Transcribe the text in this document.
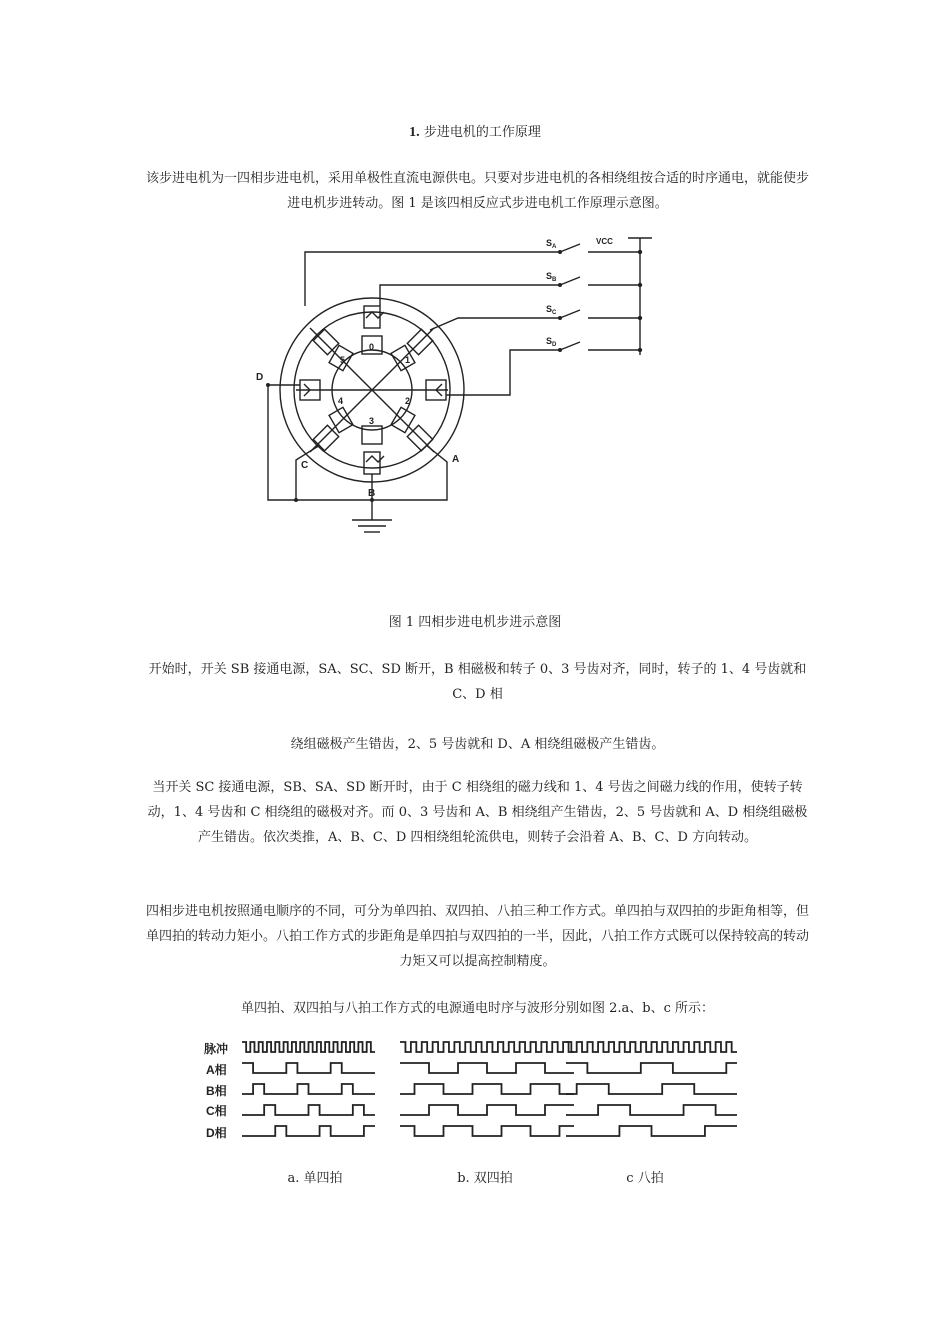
1. 步进电机的工作原理
该步进电机为一四相步进电机，采用单极性直流电源供电。只要对步进电机的各相绕组按合适的时序通电，就能使步进电机步进转动。图 1 是该四相反应式步进电机工作原理示意图。
$S_A$
$S_B$
$S_C$
$S_D$
VCC
D
C
A
B
0
1
2
3
4
5
图 1 四相步进电机步进示意图
开始时，开关 SB 接通电源，SA、SC、SD 断开，B 相磁极和转子 0、3 号齿对齐，同时，转子的 1、4 号齿就和 C、D 相
绕组磁极产生错齿，2、5 号齿就和 D、A 相绕组磁极产生错齿。
当开关 SC 接通电源，SB、SA、SD 断开时，由于 C 相绕组的磁力线和 1、4 号齿之间磁力线的作用，使转子转动，1、4 号齿和 C 相绕组的磁极对齐。而 0、3 号齿和 A、B 相绕组产生错齿，2、5 号齿就和 A、D 相绕组磁极产生错齿。依次类推，A、B、C、D 四相绕组轮流供电，则转子会沿着 A、B、C、D 方向转动。
四相步进电机按照通电顺序的不同，可分为单四拍、双四拍、八拍三种工作方式。单四拍与双四拍的步距角相等，但单四拍的转动力矩小。八拍工作方式的步距角是单四拍与双四拍的一半，因此，八拍工作方式既可以保持较高的转动力矩又可以提高控制精度。
单四拍、双四拍与八拍工作方式的电源通电时序与波形分别如图 2.a、b、c 所示：
脉冲
A相
B相
C相
D相
a. 单四拍	b. 双四拍	c 八拍
